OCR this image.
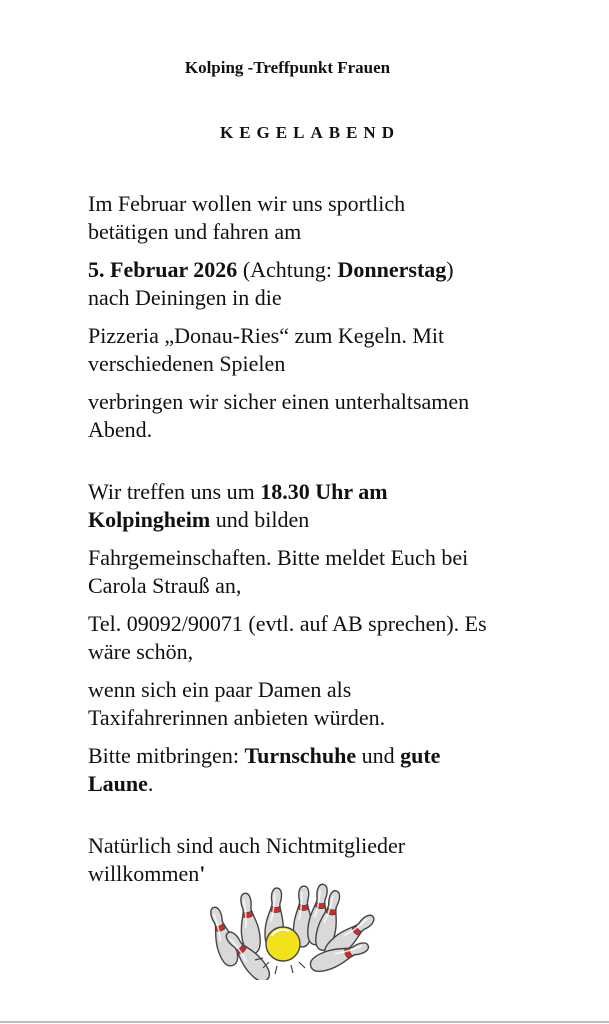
Kolping -Treffpunkt Frauen
KEGELABEND

Im Februar wollen wir uns sportlich
betätigen und fahren am

5. Februar 2026 (Achtung: Donnerstag)
nach Deiningen in die

Pizzeria „Donau-Ries“ zum Kegeln. Mit
verschiedenen Spielen

verbringen wir sicher einen unterhaltsamen
Abend.

Wir treffen uns um 18.30 Uhr am
Kolpingheim und bilden

Fahrgemeinschaften. Bitte meldet Euch bei
Carola Strauß an,

Tel. 09092/90071 (evtl. auf AB sprechen). Es
wäre schön,

wenn sich ein paar Damen als
Taxifahrerinnen anbieten würden.

Bitte mitbringen: Turnschuhe und gute
Laune.

Natürlich sind auch Nichtmitglieder
willkommen'
